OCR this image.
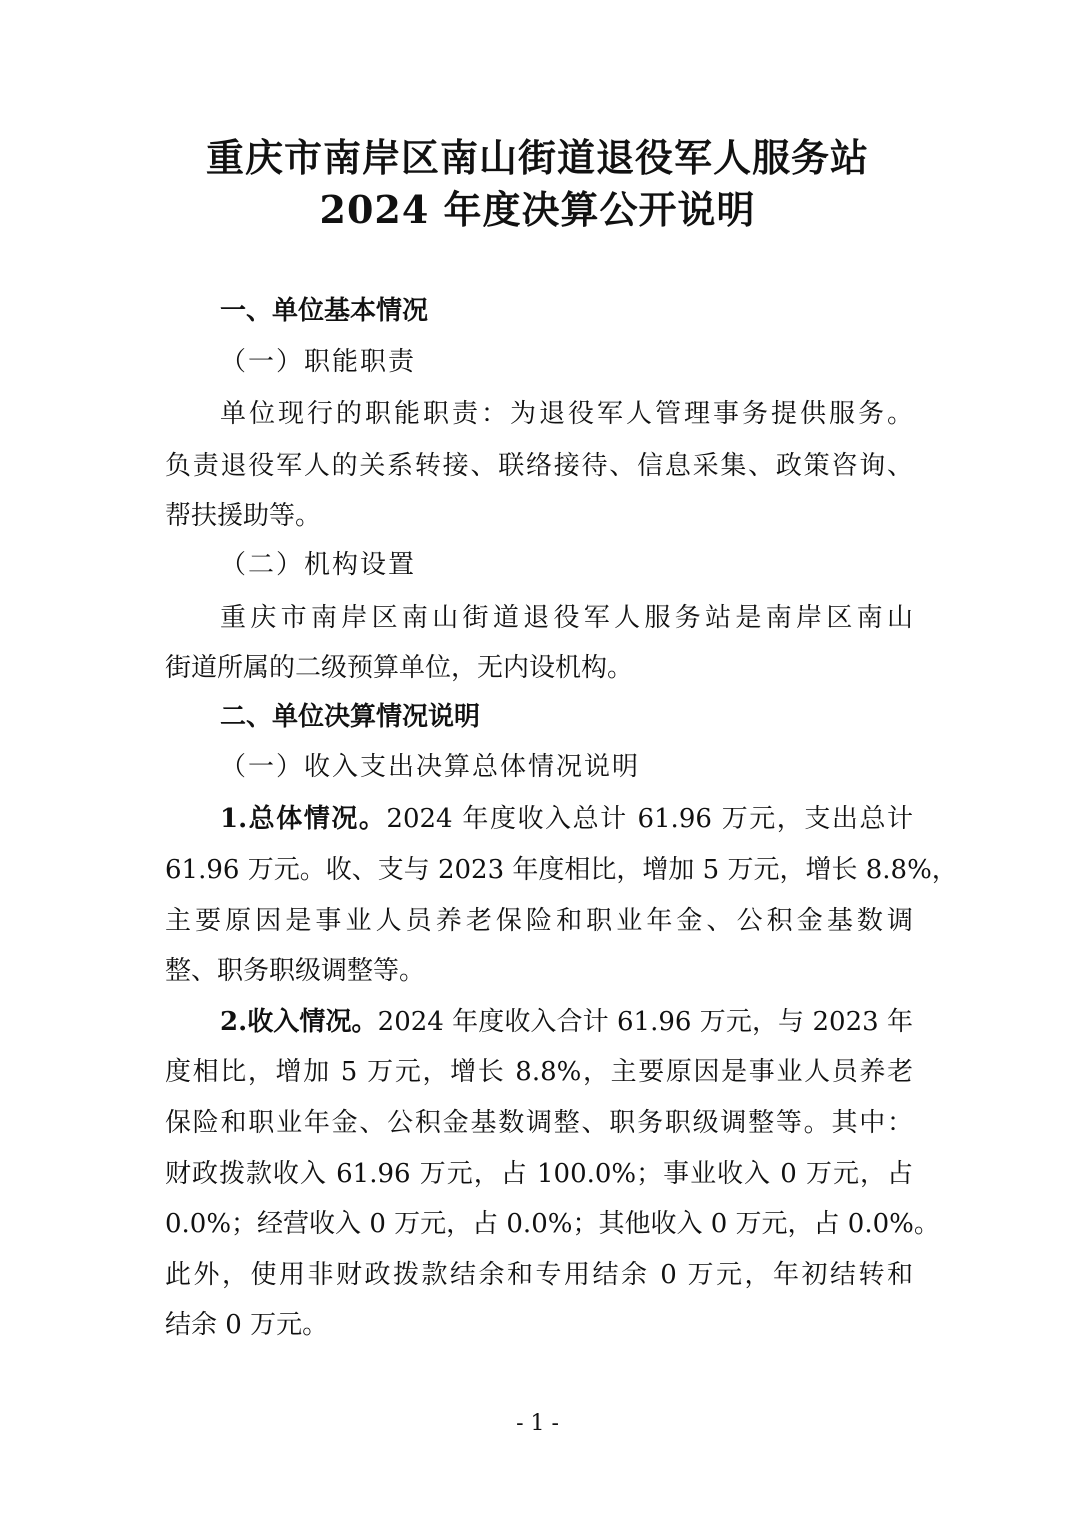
重庆市南岸区南山街道退役军人服务站
2024 年度决算公开说明
一、单位基本情况
（一）职能职责
单位现行的职能职责：为退役军人管理事务提供服务。
负责退役军人的关系转接、联络接待、信息采集、政策咨询、
帮扶援助等。
（二）机构设置
重庆市南岸区南山街道退役军人服务站是南岸区南山
街道所属的二级预算单位，无内设机构。
二、单位决算情况说明
（一）收入支出决算总体情况说明
1.总体情况。2024 年度收入总计 61.96 万元，支出总计
61.96 万元。收、支与 2023 年度相比，增加 5 万元，增长 8.8%，
主要原因是事业人员养老保险和职业年金、公积金基数调
整、职务职级调整等。
2.收入情况。2024 年度收入合计 61.96 万元，与 2023 年
度相比，增加 5 万元，增长 8.8%，主要原因是事业人员养老
保险和职业年金、公积金基数调整、职务职级调整等。其中：
财政拨款收入 61.96 万元，占 100.0%；事业收入 0 万元，占
0.0%；经营收入 0 万元，占 0.0%；其他收入 0 万元，占 0.0%。
此外，使用非财政拨款结余和专用结余 0 万元，年初结转和
结余 0 万元。
- 1 -
